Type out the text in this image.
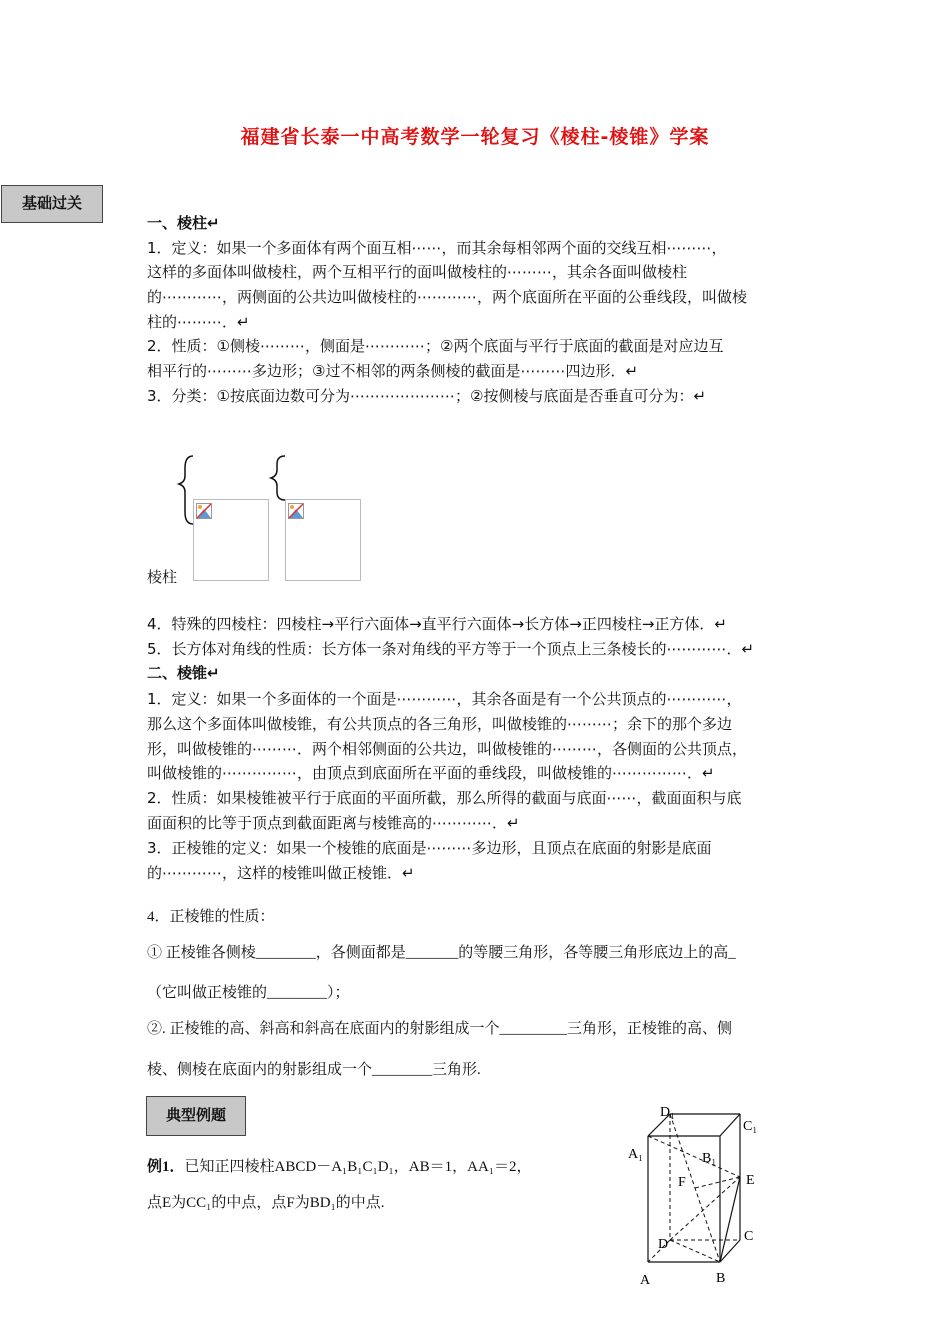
福建省长泰一中高考数学一轮复习《棱柱-棱锥》学案
基础过关
一、棱柱↵
1．定义：如果一个多面体有两个面互相⋯⋯，而其余每相邻两个面的交线互相⋯⋯⋯，
这样的多面体叫做棱柱，两个互相平行的面叫做棱柱的⋯⋯⋯，其余各面叫做棱柱
的⋯⋯⋯⋯，两侧面的公共边叫做棱柱的⋯⋯⋯⋯，两个底面所在平面的公垂线段，叫做棱
柱的⋯⋯⋯．↵
2．性质：①侧棱⋯⋯⋯，侧面是⋯⋯⋯⋯；②两个底面与平行于底面的截面是对应边互
相平行的⋯⋯⋯多边形；③过不相邻的两条侧棱的截面是⋯⋯⋯四边形．↵
3．分类：①按底面边数可分为⋯⋯⋯⋯⋯⋯⋯；②按侧棱与底面是否垂直可分为：↵
棱柱
4．特殊的四棱柱：四棱柱→平行六面体→直平行六面体→长方体→正四棱柱→正方体．↵
5．长方体对角线的性质：长方体一条对角线的平方等于一个顶点上三条棱长的⋯⋯⋯⋯．↵
二、棱锥↵
1．定义：如果一个多面体的一个面是⋯⋯⋯⋯，其余各面是有一个公共顶点的⋯⋯⋯⋯，
那么这个多面体叫做棱锥，有公共顶点的各三角形，叫做棱锥的⋯⋯⋯；余下的那个多边
形，叫做棱锥的⋯⋯⋯．两个相邻侧面的公共边，叫做棱锥的⋯⋯⋯，各侧面的公共顶点，
叫做棱锥的⋯⋯⋯⋯⋯，由顶点到底面所在平面的垂线段，叫做棱锥的⋯⋯⋯⋯⋯．↵
2．性质：如果棱锥被平行于底面的平面所截，那么所得的截面与底面⋯⋯，截面面积与底
面面积的比等于顶点到截面距离与棱锥高的⋯⋯⋯⋯．↵
3．正棱锥的定义：如果一个棱锥的底面是⋯⋯⋯多边形，且顶点在底面的射影是底面
的⋯⋯⋯⋯，这样的棱锥叫做正棱锥．↵
4．正棱锥的性质：
① 正棱锥各侧棱________，各侧面都是_______的等腰三角形，各等腰三角形底边上的高_
（它叫做正棱锥的________）；
②. 正棱锥的高、斜高和斜高在底面内的射影组成一个_________三角形，正棱锥的高、侧
棱、侧棱在底面内的射影组成一个________三角形.
典型例题
例1．已知正四棱柱ABCD－A₁B₁C₁D₁，AB＝1，AA₁＝2，
点E为CC₁的中点，点F为BD₁的中点.
D₁
C₁
A₁	B₁
F	E
D
C
A	B
